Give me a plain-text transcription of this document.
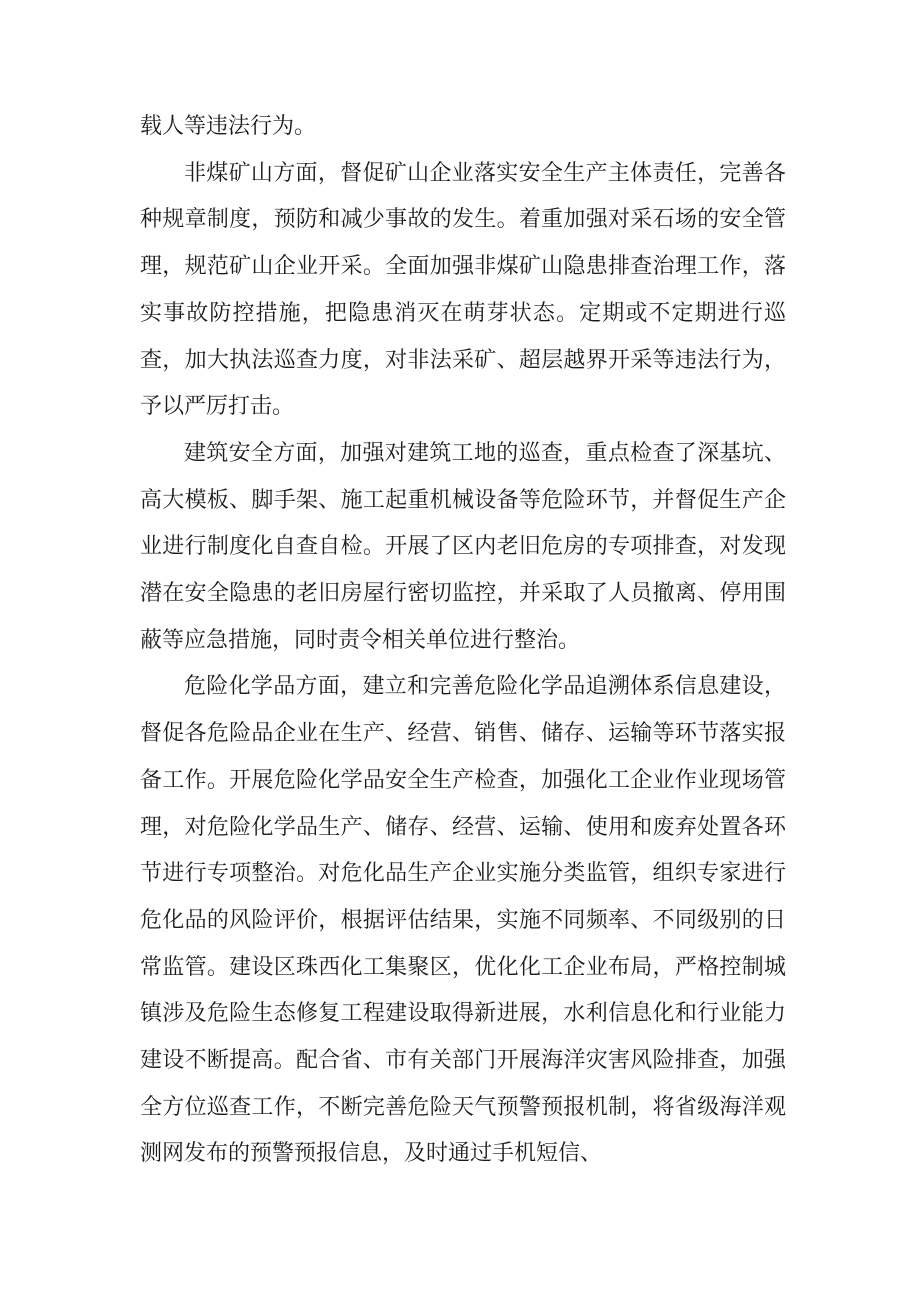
载人等违法行为。

非煤矿山方面，督促矿山企业落实安全生产主体责任，完善各种规章制度，预防和减少事故的发生。着重加强对采石场的安全管理，规范矿山企业开采。全面加强非煤矿山隐患排查治理工作，落实事故防控措施，把隐患消灭在萌芽状态。定期或不定期进行巡查，加大执法巡查力度，对非法采矿、超层越界开采等违法行为，予以严厉打击。

建筑安全方面，加强对建筑工地的巡查，重点检查了深基坑、高大模板、脚手架、施工起重机械设备等危险环节，并督促生产企业进行制度化自查自检。开展了区内老旧危房的专项排查，对发现潜在安全隐患的老旧房屋行密切监控，并采取了人员撤离、停用围蔽等应急措施，同时责令相关单位进行整治。

危险化学品方面，建立和完善危险化学品追溯体系信息建设，督促各危险品企业在生产、经营、销售、储存、运输等环节落实报备工作。开展危险化学品安全生产检查，加强化工企业作业现场管理，对危险化学品生产、储存、经营、运输、使用和废弃处置各环节进行专项整治。对危化品生产企业实施分类监管，组织专家进行危化品的风险评价，根据评估结果，实施不同频率、不同级别的日常监管。建设区珠西化工集聚区，优化化工企业布局，严格控制城镇涉及危险生态修复工程建设取得新进展，水利信息化和行业能力建设不断提高。配合省、市有关部门开展海洋灾害风险排查，加强全方位巡查工作，不断完善危险天气预警预报机制，将省级海洋观测网发布的预警预报信息，及时通过手机短信、
